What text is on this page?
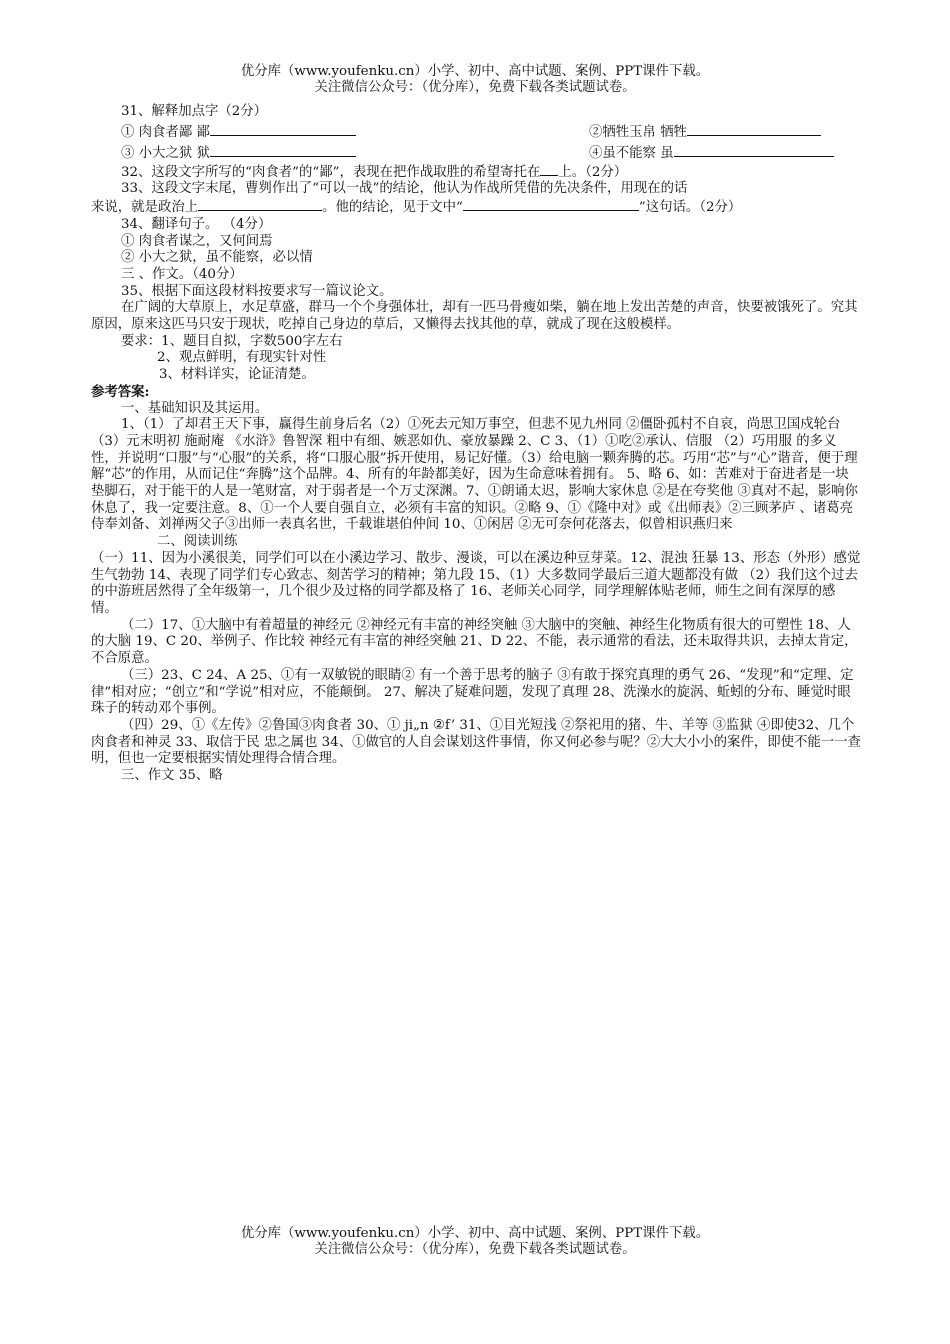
优分库（www.youfenku.cn）小学、初中、高中试题、案例、PPT课件下载。
关注微信公众号：（优分库），免费下载各类试题试卷。
31、解释加点字（2分）
① 肉食者鄙 鄙	②牺牲玉帛 牺牲
③ 小大之狱 狱	④虽不能察 虽
32、这段文字所写的“肉食者”的“鄙”，表现在把作战取胜的希望寄托在 上。（2分）
33、这段文字末尾，曹刿作出了“可以一战”的结论，他认为作战所凭借的先决条件，用现在的话
来说，就是政治上	。他的结论，见于文中“	”这句话。（2分）
34、翻译句子。 （4分）
① 肉食者谋之，又何间焉
② 小大之狱，虽不能察，必以情
三 、作文。（40分）
35、根据下面这段材料按要求写一篇议论文。
在广阔的大草原上，水足草盛，群马一个个身强体壮，却有一匹马骨瘦如柴，躺在地上发出苦楚的声音，快要被饿死了。究其原因，原来这匹马只安于现状，吃掉自己身边的草后，又懒得去找其他的草，就成了现在这般模样。
要求：1、题目自拟，字数500字左右
2、观点鲜明，有现实针对性
3、材料详实，论证清楚。
参考答案:
一、基础知识及其运用。
1、（1）了却君王天下事，赢得生前身后名（2）①死去元知万事空，但悲不见九州同 ②僵卧孤村不自哀，尚思卫国戍轮台（3）元末明初 施耐庵 《水浒》鲁智深 粗中有细、嫉恶如仇、豪放暴躁 2、C 3、（1）①吃②承认、信服 （2）巧用服 的多义性，并说明“口服”与“心服”的关系，将“口服心服”拆开使用，易记好懂。（3）给电脑一颗奔腾的芯。巧用“芯”与“心”谐音，便于理解“芯”的作用，从而记住“奔腾”这个品牌。4、所有的年龄都美好，因为生命意味着拥有。 5、略 6、如：苦难对于奋进者是一块垫脚石，对于能干的人是一笔财富，对于弱者是一个万丈深渊。7、①朗诵太迟，影响大家休息 ②是在夸奖他 ③真对不起，影响你休息了，我一定要注意。8、①一个人要自强自立，必须有丰富的知识。②略 9、①《隆中对》或《出师表》②三顾茅庐 、诸葛亮侍奉刘备、刘禅两父子③出师一表真名世，千载谁堪伯仲间 10、①闲居 ②无可奈何花落去，似曾相识燕归来
二、阅读训练
（一）11、因为小溪很美，同学们可以在小溪边学习、散步、漫谈，可以在溪边种豆芽菜。12、混浊 狂暴 13、形态（外形）感觉生气勃勃 14、表现了同学们专心致志、刻苦学习的精神；第九段 15、（1）大多数同学最后三道大题都没有做 （2）我们这个过去的中游班居然得了全年级第一，几个很少及过格的同学都及格了 16、老师关心同学，同学理解体贴老师，师生之间有深厚的感情。
（二）17、①大脑中有着超量的神经元 ②神经元有丰富的神经突触 ③大脑中的突触、神经生化物质有很大的可塑性 18、人的大脑 19、C 20、举例子、作比较 神经元有丰富的神经突触 21、D 22、不能，表示通常的看法，还未取得共识，去掉太肯定，不合原意。
（三）23、C 24、A 25、①有一双敏锐的眼睛② 有一个善于思考的脑子 ③有敢于探究真理的勇气 26、“发现”和“定理、定律”相对应；“创立”和“学说”相对应，不能颠倒。 27、解决了疑难问题，发现了真理 28、洗澡水的旋涡、蚯蚓的分布、睡觉时眼珠子的转动邓个事例。
（四）29、①《左传》②鲁国③肉食者 30、① ji„n ②f’ 31、①目光短浅 ②祭祀用的猪、牛、羊等 ③监狱 ④即使32、几个肉食者和神灵 33、取信于民 忠之属也 34、①做官的人自会谋划这件事情，你又何必参与呢？②大大小小的案件，即使不能一一查明，但也一定要根据实情处理得合情合理。
三、作文 35、略
优分库（www.youfenku.cn）小学、初中、高中试题、案例、PPT课件下载。
关注微信公众号：（优分库），免费下载各类试题试卷。
